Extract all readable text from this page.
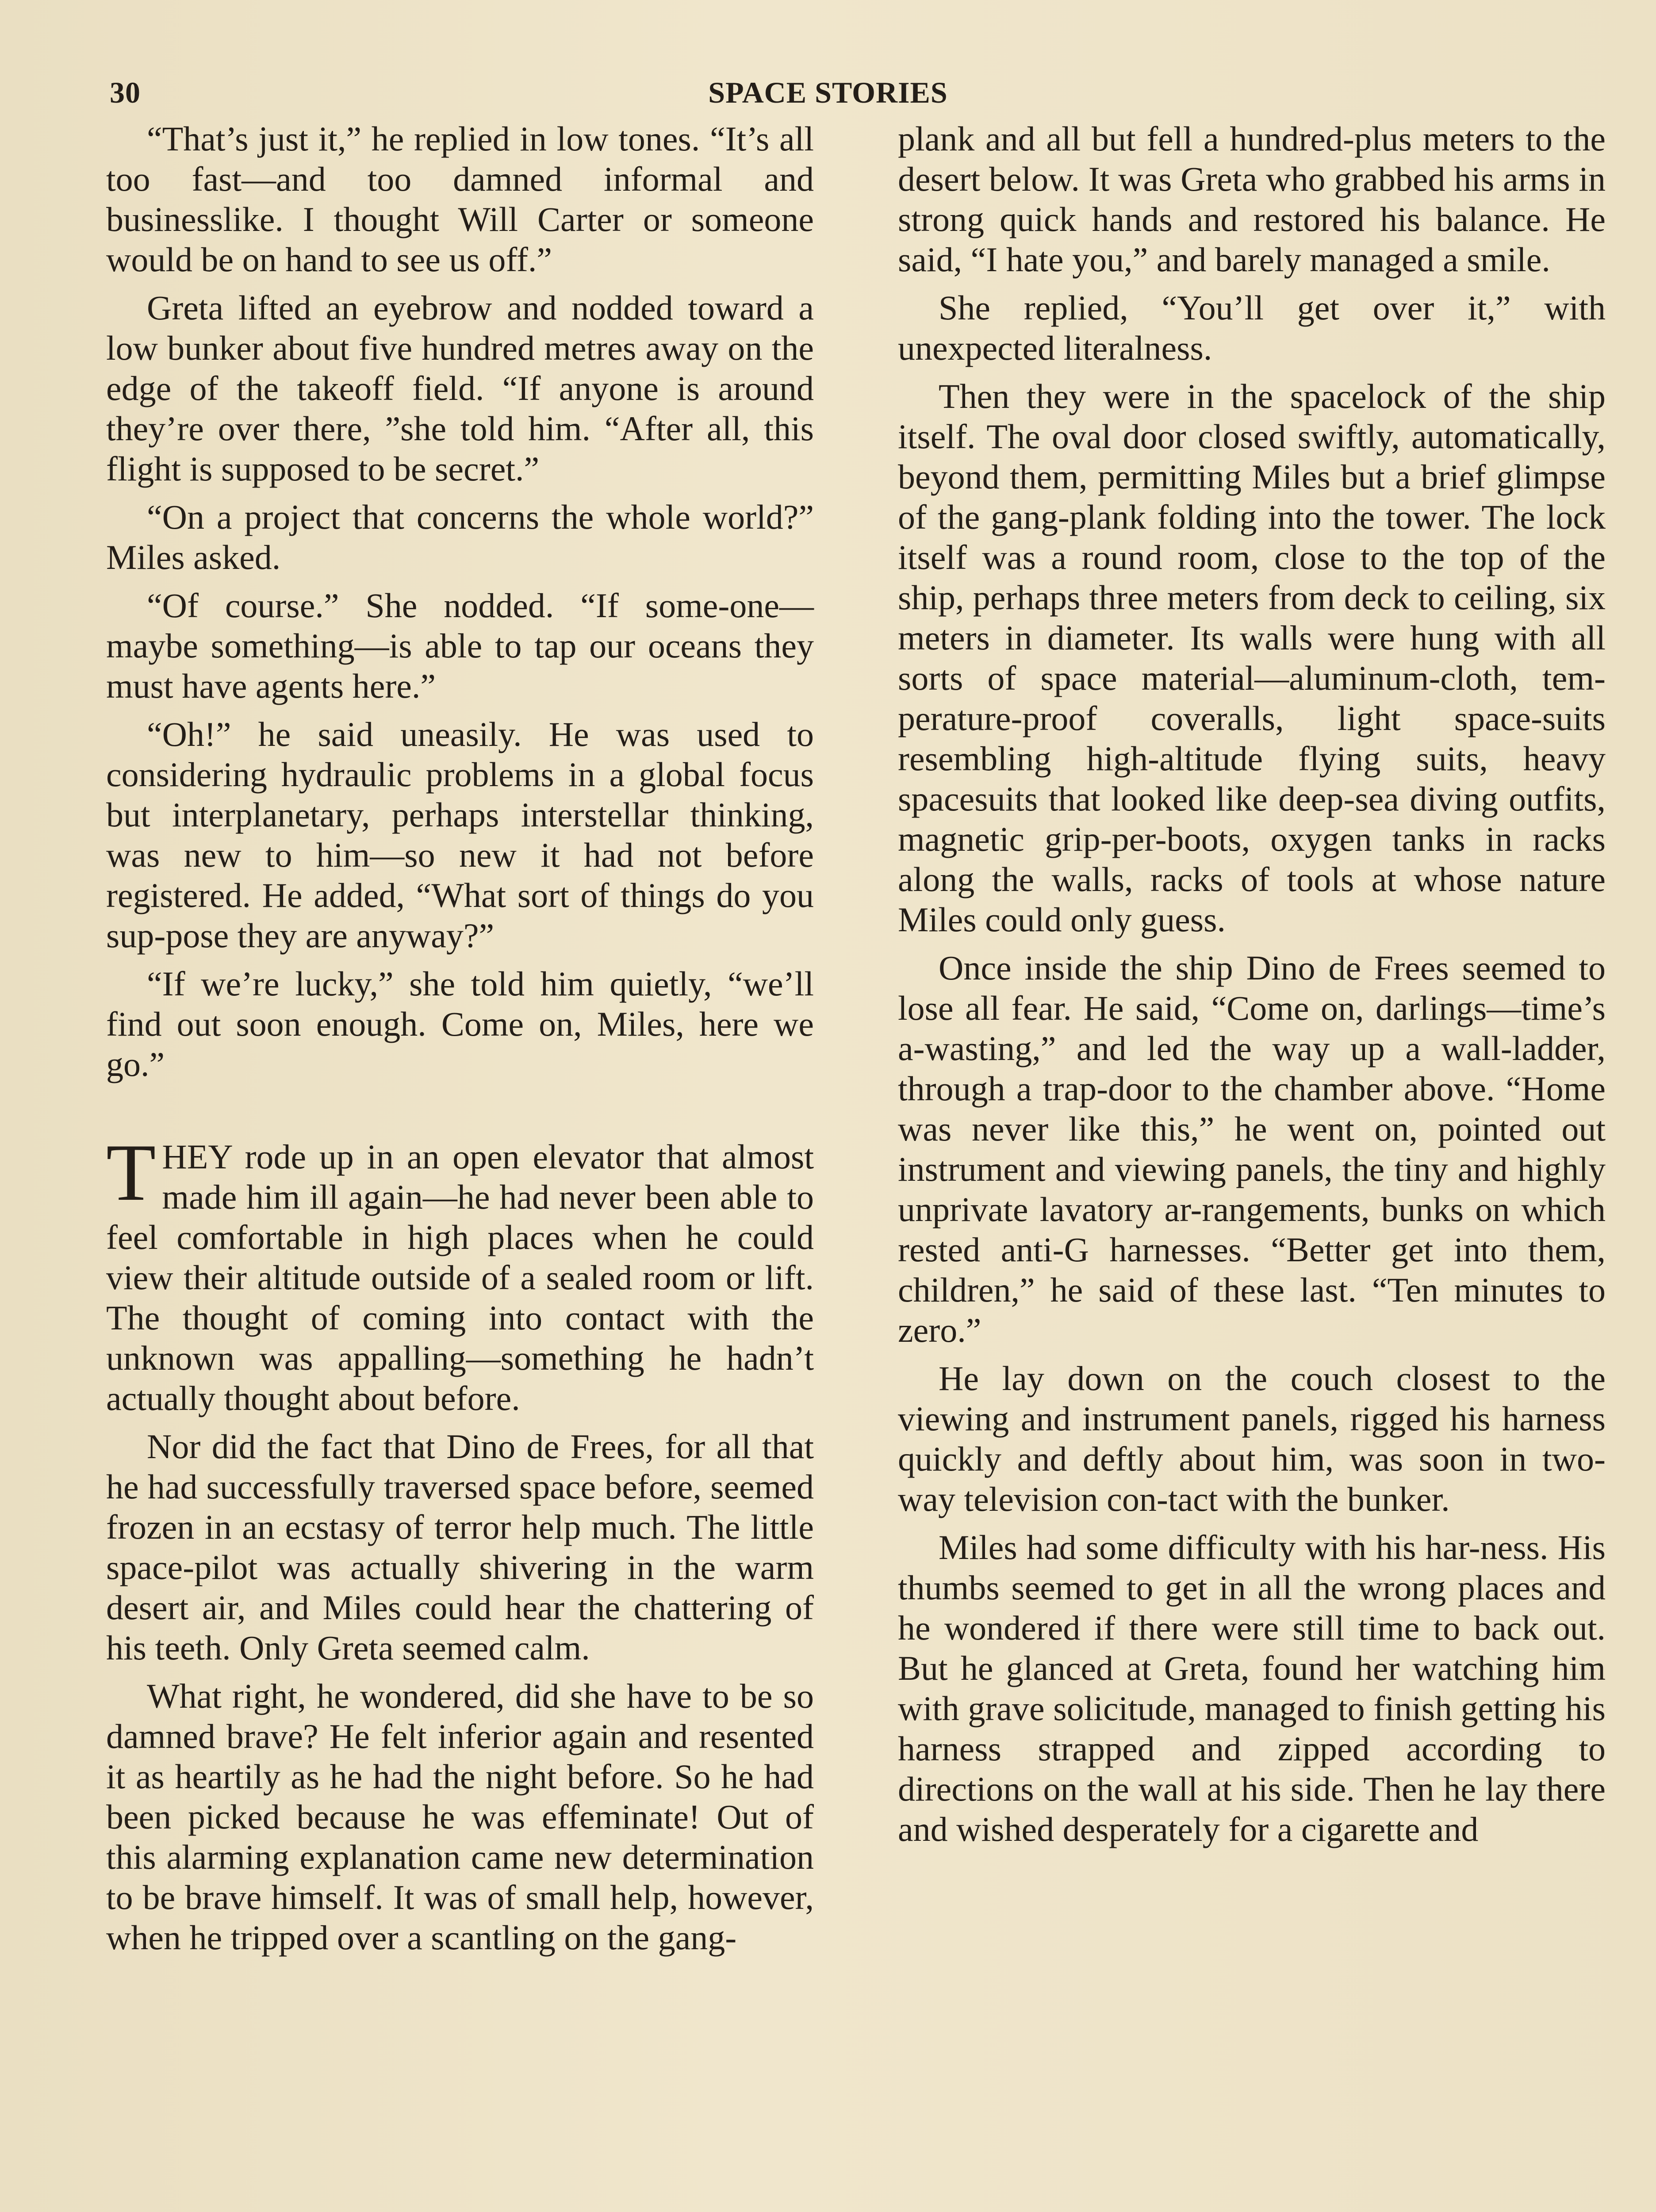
30	SPACE STORIES

“That’s just it,” he replied in low tones. “It’s all too fast—and too damned informal and businesslike. I thought Will Carter or someone would be on hand to see us off.”

Greta lifted an eyebrow and nodded toward a low bunker about five hundred metres away on the edge of the takeoff field. “If anyone is around they’re over there, ”she told him. “After all, this flight is supposed to be secret.”

“On a project that concerns the whole world?” Miles asked.

“Of course.” She nodded. “If some-one—maybe something—is able to tap our oceans they must have agents here.”

“Oh!” he said uneasily. He was used to considering hydraulic problems in a global focus but interplanetary, perhaps interstellar thinking, was new to him—so new it had not before registered. He added, “What sort of things do you sup-pose they are anyway?”

“If we’re lucky,” she told him quietly, “we’ll find out soon enough. Come on, Miles, here we go.”

THEY rode up in an open elevator that almost made him ill again—he had never been able to feel comfortable in high places when he could view their altitude outside of a sealed room or lift. The thought of coming into contact with the unknown was appalling—something he hadn’t actually thought about before.

Nor did the fact that Dino de Frees, for all that he had successfully traversed space before, seemed frozen in an ecstasy of terror help much. The little space-pilot was actually shivering in the warm desert air, and Miles could hear the chattering of his teeth. Only Greta seemed calm.

What right, he wondered, did she have to be so damned brave? He felt inferior again and resented it as heartily as he had the night before. So he had been picked because he was effeminate! Out of this alarming explanation came new determination to be brave himself. It was of small help, however, when he tripped over a scantling on the gang-

plank and all but fell a hundred-plus meters to the desert below. It was Greta who grabbed his arms in strong quick hands and restored his balance. He said, “I hate you,” and barely managed a smile.

She replied, “You’ll get over it,” with unexpected literalness.

Then they were in the spacelock of the ship itself. The oval door closed swiftly, automatically, beyond them, permitting Miles but a brief glimpse of the gang-plank folding into the tower. The lock itself was a round room, close to the top of the ship, perhaps three meters from deck to ceiling, six meters in diameter. Its walls were hung with all sorts of space material—aluminum-cloth, tem-perature-proof coveralls, light space-suits resembling high-altitude flying suits, heavy spacesuits that looked like deep-sea diving outfits, magnetic grip-per-boots, oxygen tanks in racks along the walls, racks of tools at whose nature Miles could only guess.

Once inside the ship Dino de Frees seemed to lose all fear. He said, “Come on, darlings—time’s a-wasting,” and led the way up a wall-ladder, through a trap-door to the chamber above. “Home was never like this,” he went on, pointed out instrument and viewing panels, the tiny and highly unprivate lavatory ar-rangements, bunks on which rested anti-G harnesses. “Better get into them, children,” he said of these last. “Ten minutes to zero.”

He lay down on the couch closest to the viewing and instrument panels, rigged his harness quickly and deftly about him, was soon in two-way television con-tact with the bunker.

Miles had some difficulty with his har-ness. His thumbs seemed to get in all the wrong places and he wondered if there were still time to back out. But he glanced at Greta, found her watching him with grave solicitude, managed to finish getting his harness strapped and zipped according to directions on the wall at his side. Then he lay there and wished desperately for a cigarette and
